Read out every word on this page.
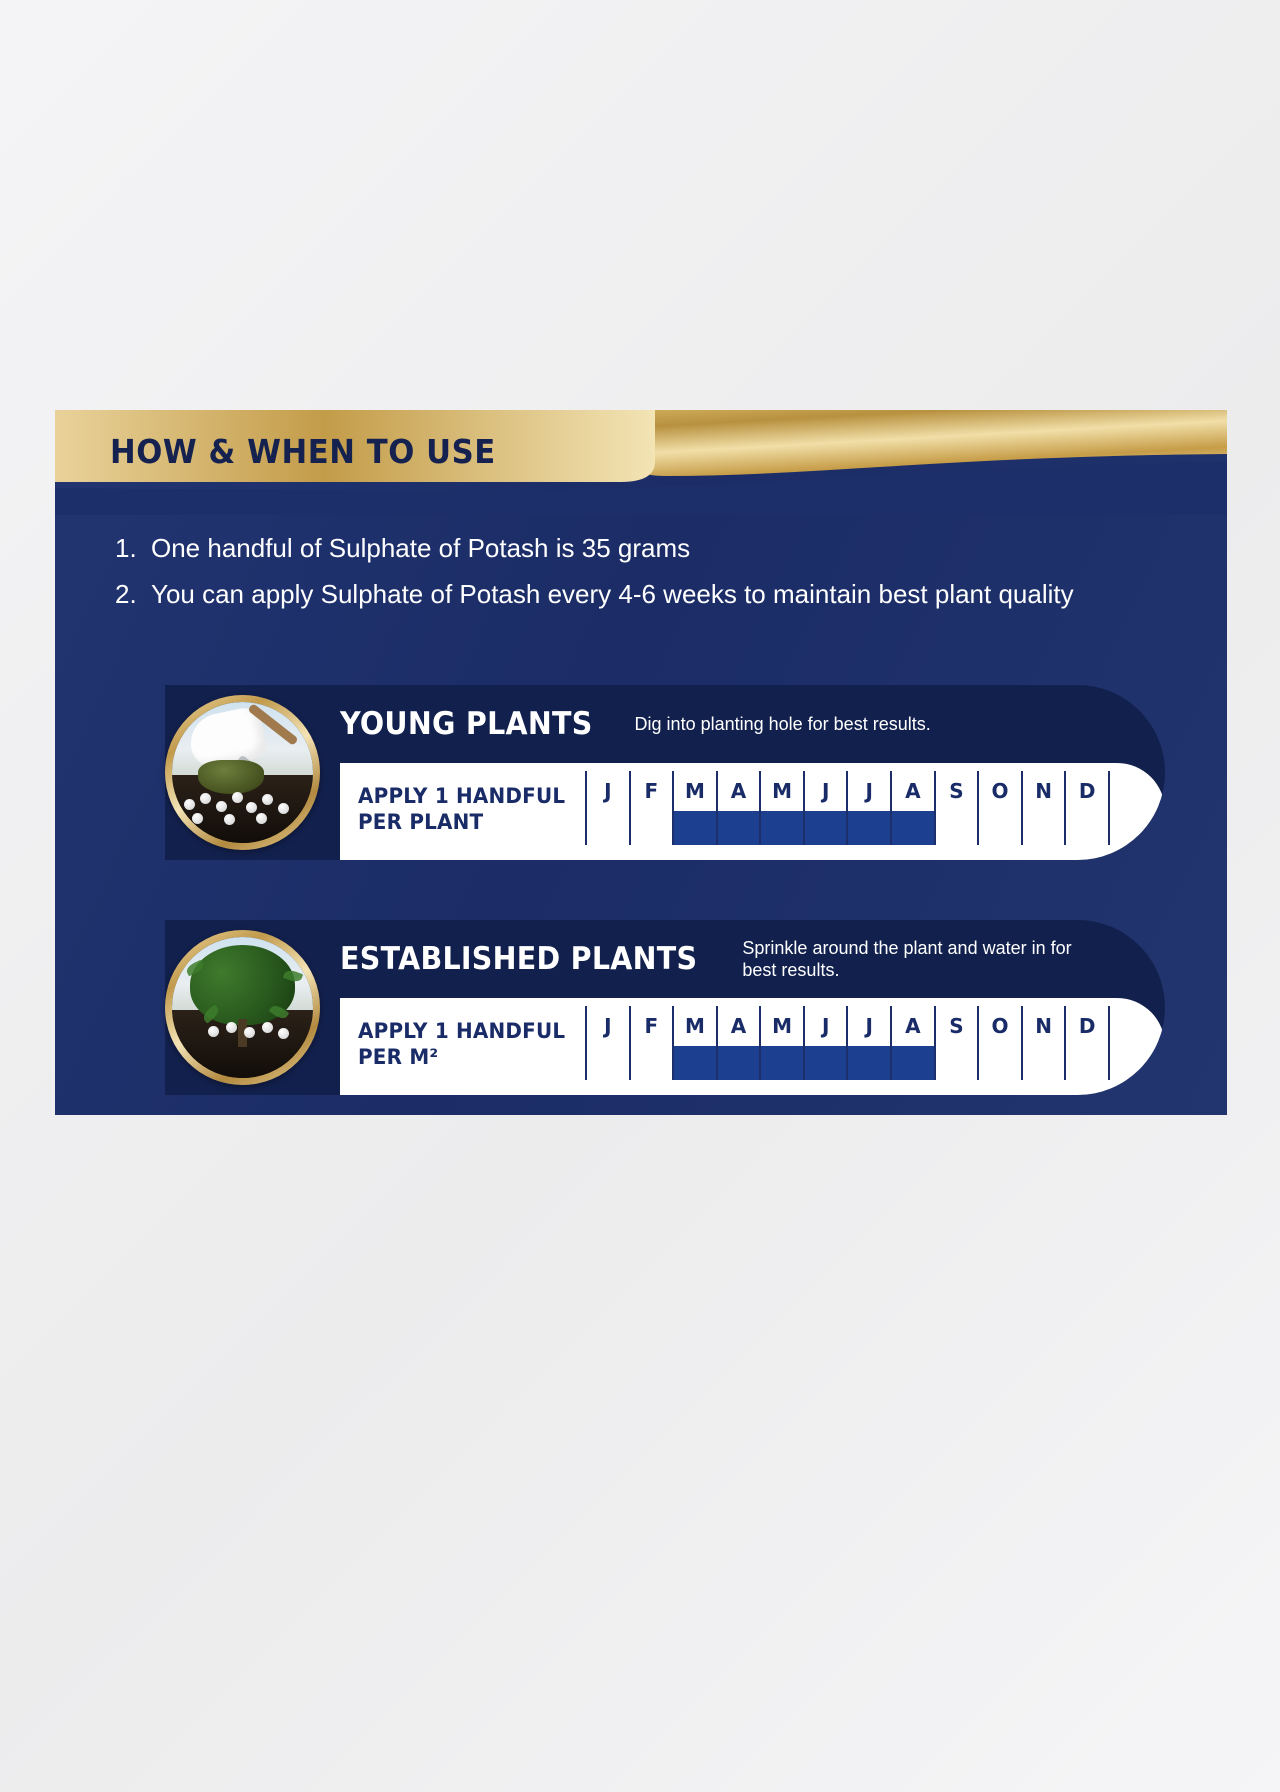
HOW & WHEN TO USE
1. One handful of Sulphate of Potash is 35 grams
2. You can apply Sulphate of Potash every 4-6 weeks to maintain best plant quality
YOUNG PLANTS Dig into planting hole for best results.
APPLY 1 HANDFUL
PER PLANT
J	F	M	A	M	J	J	A	S	O	N	D
ESTABLISHED PLANTS	Sprinkle around the plant and water in for best results.
APPLY 1 HANDFUL
PER M²
J	F	M	A	M	J	J	A	S	O	N	D
